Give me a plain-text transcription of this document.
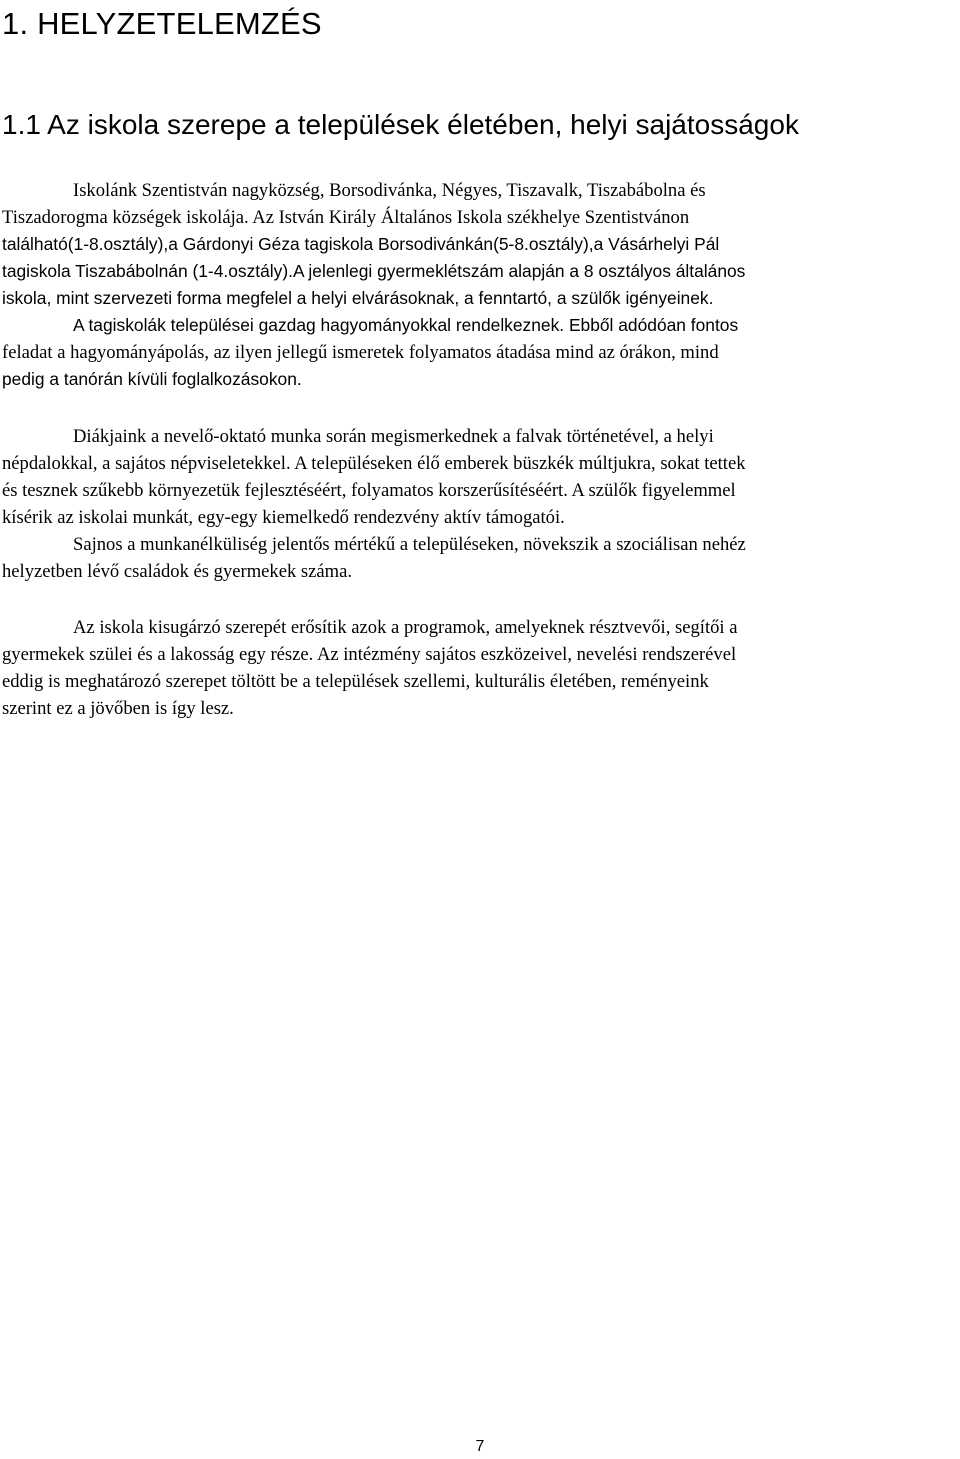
1. HELYZETELEMZÉS
1.1 Az iskola szerepe a települések életében, helyi sajátosságok
Iskolánk Szentistván nagyközség, Borsodivánka, Négyes, Tiszavalk, Tiszabábolna és
Tiszadorogma községek iskolája. Az István Király Általános Iskola székhelye Szentistvánon
található(1-8.osztály),a Gárdonyi Géza tagiskola Borsodivánkán(5-8.osztály),a Vásárhelyi Pál
tagiskola Tiszabábolnán (1-4.osztály).A jelenlegi gyermeklétszám alapján a 8 osztályos általános
iskola, mint szervezeti forma megfelel a helyi elvárásoknak, a fenntartó, a szülők igényeinek.
A tagiskolák települései gazdag hagyományokkal rendelkeznek. Ebből adódóan fontos
feladat a hagyományápolás, az ilyen jellegű ismeretek folyamatos átadása mind az órákon, mind
pedig a tanórán kívüli foglalkozásokon.
Diákjaink a nevelő-oktató munka során megismerkednek a falvak történetével, a helyi
népdalokkal, a sajátos népviseletekkel. A településeken élő emberek büszkék múltjukra, sokat tettek
és tesznek szűkebb környezetük fejlesztéséért, folyamatos korszerűsítéséért. A szülők figyelemmel
kísérik az iskolai munkát, egy-egy kiemelkedő rendezvény aktív támogatói.
Sajnos a munkanélküliség jelentős mértékű a településeken, növekszik a szociálisan nehéz
helyzetben lévő családok és gyermekek száma.
Az iskola kisugárzó szerepét erősítik azok a programok, amelyeknek résztvevői, segítői a
gyermekek szülei és a lakosság egy része. Az intézmény sajátos eszközeivel, nevelési rendszerével
eddig is meghatározó szerepet töltött be a települések szellemi, kulturális életében, reményeink
szerint ez a jövőben is így lesz.
7
